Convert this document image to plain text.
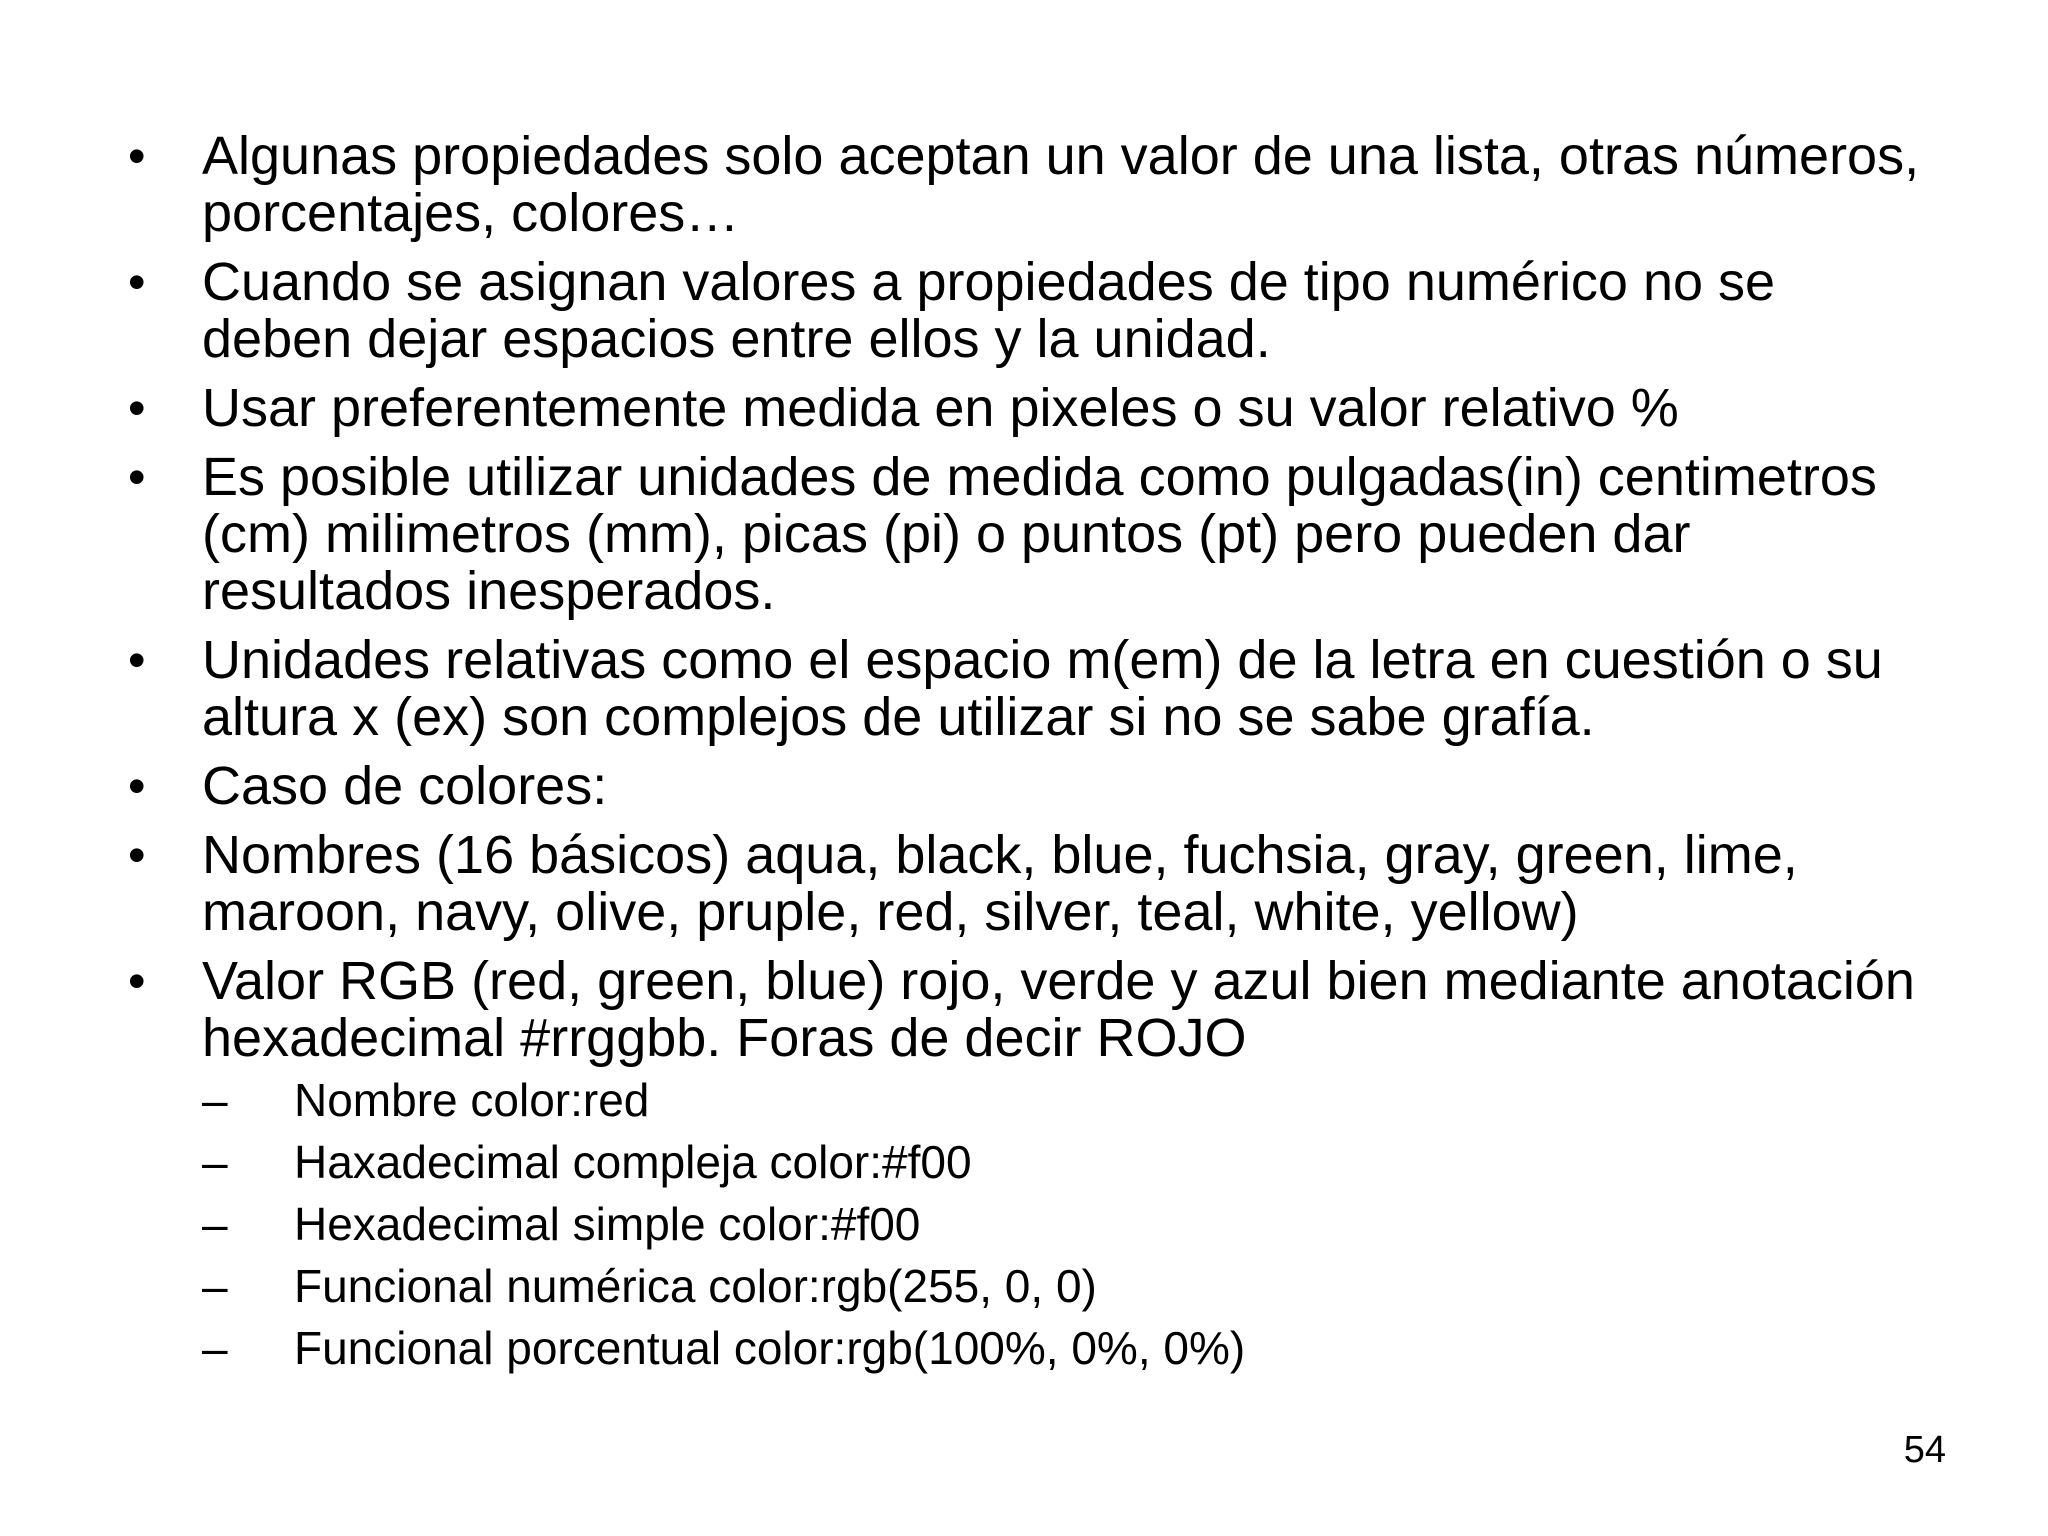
• Algunas propiedades solo aceptan un valor de una lista, otras números, porcentajes, colores…
• Cuando se asignan valores a propiedades de tipo numérico no se deben dejar espacios entre ellos y la unidad.
• Usar preferentemente medida en pixeles o su valor relativo %
• Es posible utilizar unidades de medida como pulgadas(in) centimetros (cm) milimetros (mm), picas (pi) o puntos (pt) pero pueden dar resultados inesperados.
• Unidades relativas como el espacio m(em) de la letra en cuestión o su altura x (ex) son complejos de utilizar si no se sabe grafía.
• Caso de colores:
• Nombres (16 básicos) aqua, black, blue, fuchsia, gray, green, lime, maroon, navy, olive, pruple, red, silver, teal, white, yellow)
• Valor RGB (red, green, blue) rojo, verde y azul bien mediante anotación hexadecimal #rrggbb. Foras de decir ROJO
– Nombre color:red
– Haxadecimal compleja color:#f00
– Hexadecimal simple color:#f00
– Funcional numérica color:rgb(255, 0, 0)
– Funcional porcentual color:rgb(100%, 0%, 0%)
54
